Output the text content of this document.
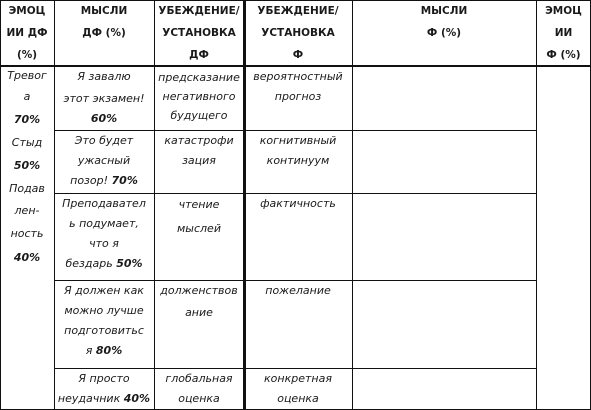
ЭМОЦ
ИИ ДФ
(%)
МЫСЛИ
ДФ (%)
УБЕЖДЕНИЕ/
УСТАНОВКА
ДФ
УБЕЖДЕНИЕ/
УСТАНОВКА
Ф
МЫСЛИ
Ф (%)
ЭМОЦ
ИИ
Ф (%)
Тревог
а
70%
Стыд
50%
Подав
лен-
ность
40%
Я завалю
этот экзамен!
60%
предсказание
негативного
будущего
вероятностный
прогноз
Это будет
ужасный
позор! 70%
катастрофи
зация
когнитивный
континуум
Преподавател
ь подумает,
что я
бездарь 50%
чтение
мыслей
фактичность
Я должен как
можно лучше
подготовитьс
я 80%
долженствов
ание
пожелание
Я просто
неудачник 40%
глобальная
оценка
конкретная
оценка
